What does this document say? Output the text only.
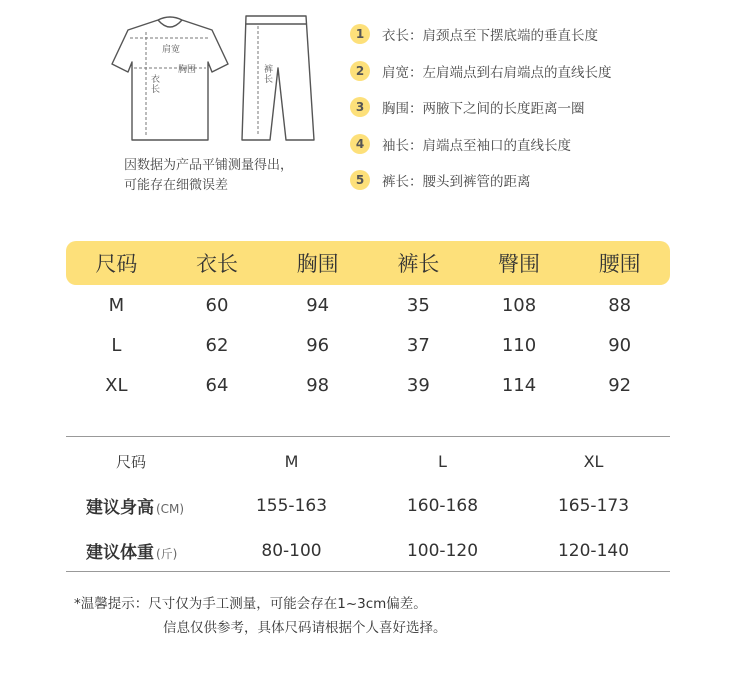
肩宽
胸围
衣长	裤长
因数据为产品平铺测量得出，
可能存在细微误差
1	衣长：肩颈点至下摆底端的垂直长度
2	肩宽：左肩端点到右肩端点的直线长度
3	胸围：两腋下之间的长度距离一圈
4	袖长：肩端点至袖口的直线长度
5	裤长：腰头到裤管的距离
尺码	衣长	胸围	裤长	臀围	腰围
M	60	94	35	108	88
L	62	96	37	110	90
XL	64	98	39	114	92
尺码	M	L	XL
建议身高 (CM)	155-163	160-168	165-173
建议体重 (斤)	80-100	100-120	120-140
*温馨提示：尺寸仅为手工测量，可能会存在1~3cm偏差。
信息仅供参考，具体尺码请根据个人喜好选择。
